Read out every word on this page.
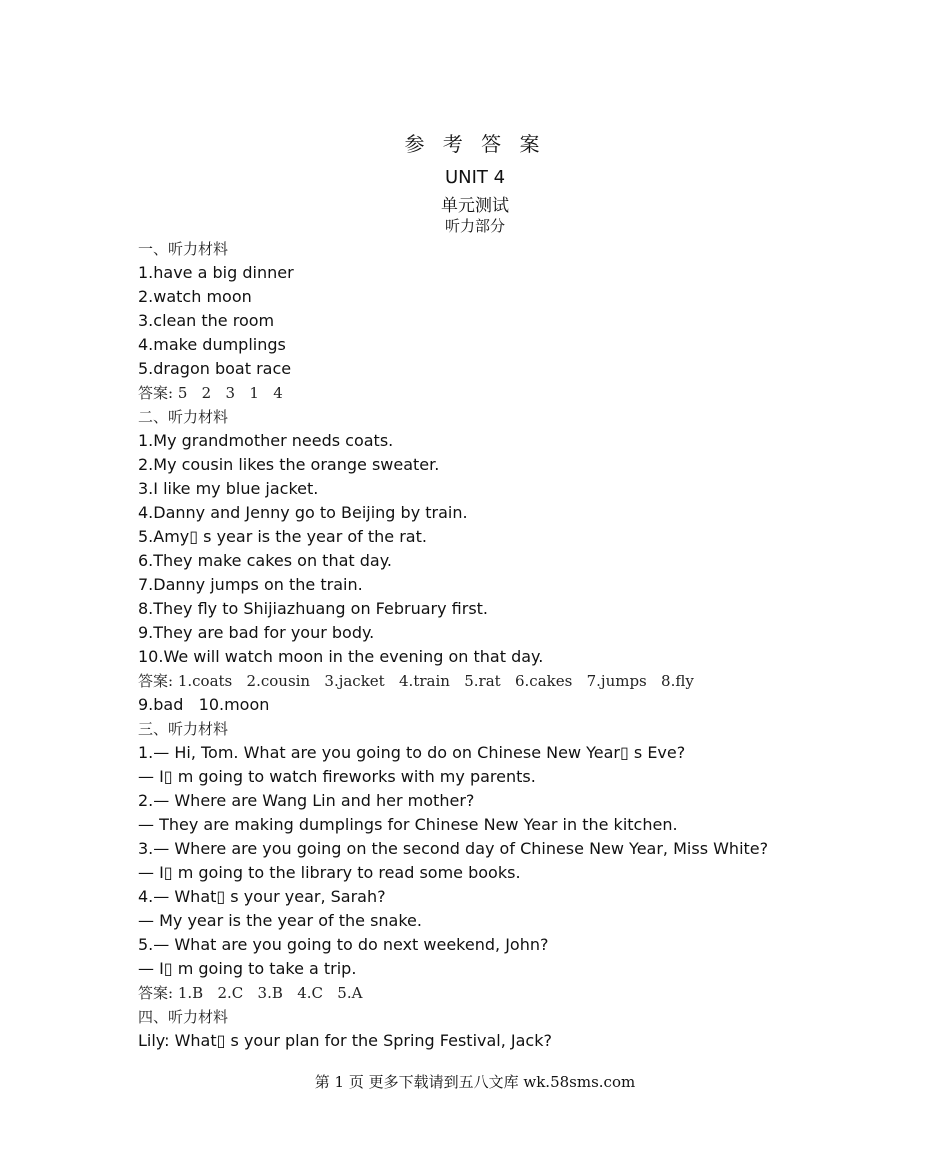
参 考 答 案
UNIT 4
单元测试
听力部分
一、听力材料
1.have a big dinner
2.watch moon
3.clean the room
4.make dumplings
5.dragon boat race
答案: 5   2   3   1   4
二、听力材料
1.My grandmother needs coats.
2.My cousin likes the orange sweater.
3.I like my blue jacket.
4.Danny and Jenny go to Beijing by train.
5.Amy▯ s year is the year of the rat.
6.They make cakes on that day.
7.Danny jumps on the train.
8.They fly to Shijiazhuang on February first.
9.They are bad for your body.
10.We will watch moon in the evening on that day.
答案: 1.coats   2.cousin   3.jacket   4.train   5.rat   6.cakes   7.jumps   8.fly
9.bad   10.moon
三、听力材料
1.— Hi, Tom. What are you going to do on Chinese New Year▯ s Eve?
— I▯ m going to watch fireworks with my parents.
2.— Where are Wang Lin and her mother?
— They are making dumplings for Chinese New Year in the kitchen.
3.— Where are you going on the second day of Chinese New Year, Miss White?
— I▯ m going to the library to read some books.
4.— What▯ s your year, Sarah?
— My year is the year of the snake.
5.— What are you going to do next weekend, John?
— I▯ m going to take a trip.
答案: 1.B   2.C   3.B   4.C   5.A
四、听力材料
Lily: What▯ s your plan for the Spring Festival, Jack?
第 1 页 更多下载请到五八文库 wk.58sms.com
